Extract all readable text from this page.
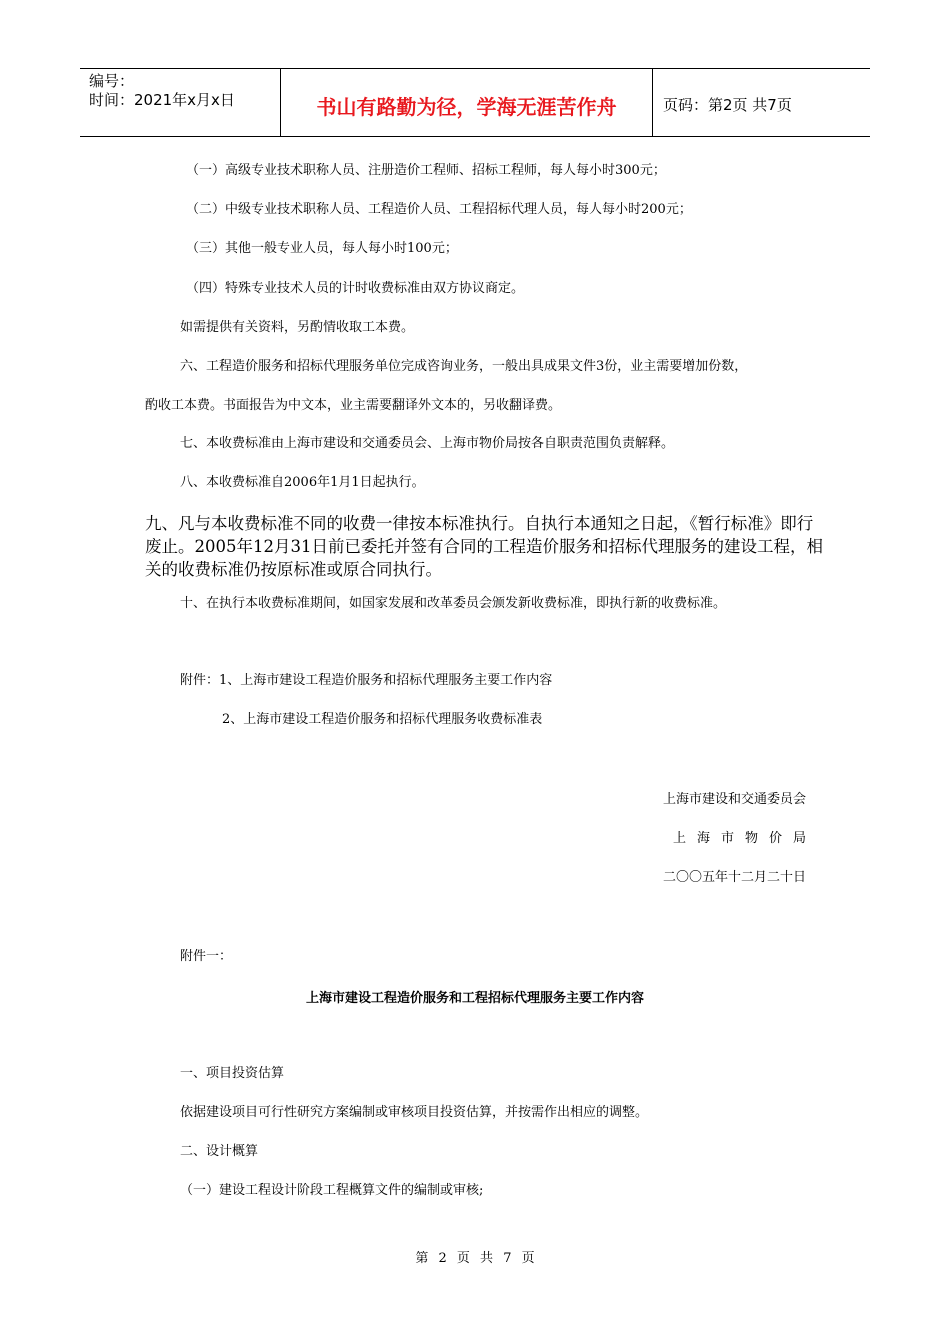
编号：
时间：2021年x月x日	书山有路勤为径，学海无涯苦作舟	页码：第2页 共7页
（一）高级专业技术职称人员、注册造价工程师、招标工程师，每人每小时300元；
（二）中级专业技术职称人员、工程造价人员、工程招标代理人员，每人每小时200元；
（三）其他一般专业人员，每人每小时100元；
（四）特殊专业技术人员的计时收费标准由双方协议商定。
如需提供有关资料，另酌情收取工本费。
六、工程造价服务和招标代理服务单位完成咨询业务，一般出具成果文件3份，业主需要增加份数，
酌收工本费。书面报告为中文本，业主需要翻译外文本的，另收翻译费。
七、本收费标准由上海市建设和交通委员会、上海市物价局按各自职责范围负责解释。
八、本收费标准自2006年1月1日起执行。
九、凡与本收费标准不同的收费一律按本标准执行。自执行本通知之日起，《暂行标准》即行废止。2005年12月31日前已委托并签有合同的工程造价服务和招标代理服务的建设工程，相关的收费标准仍按原标准或原合同执行。
十、在执行本收费标准期间，如国家发展和改革委员会颁发新收费标准，即执行新的收费标准。
附件：1、上海市建设工程造价服务和招标代理服务主要工作内容
2、上海市建设工程造价服务和招标代理服务收费标准表
上海市建设和交通委员会
上海市物价局
二〇〇五年十二月二十日
附件一：
上海市建设工程造价服务和工程招标代理服务主要工作内容
一、项目投资估算
依据建设项目可行性研究方案编制或审核项目投资估算，并按需作出相应的调整。
二、设计概算
（一）建设工程设计阶段工程概算文件的编制或审核;
第 2 页 共 7 页
